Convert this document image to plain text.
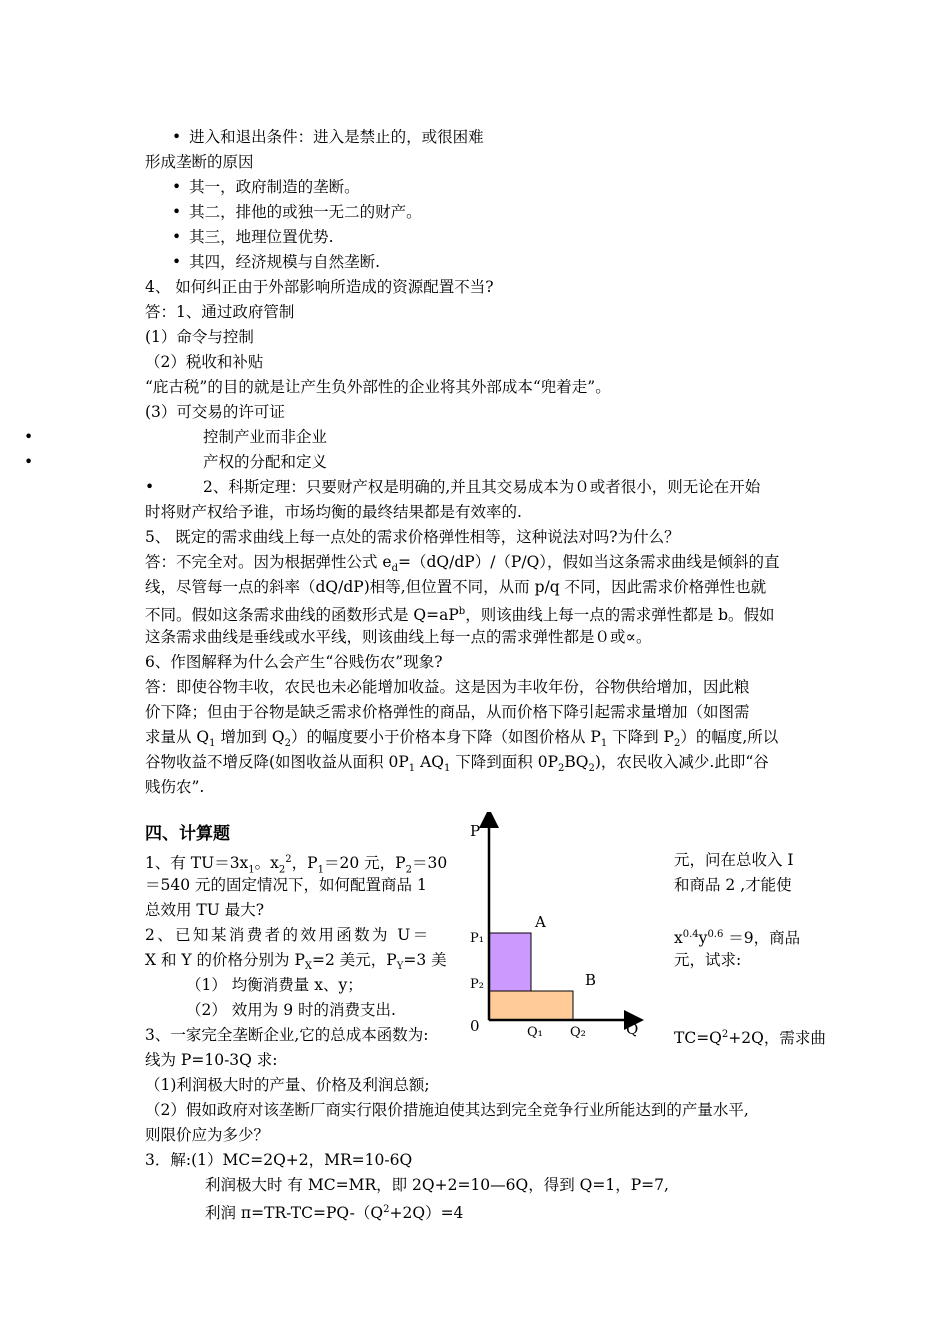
• 进入和退出条件：进入是禁止的，或很困难
形成垄断的原因
• 其一，政府制造的垄断。
• 其二，排他的或独一无二的财产。
• 其三，地理位置优势.
• 其四，经济规模与自然垄断.
4、 如何纠正由于外部影响所造成的资源配置不当?
答：1、通过政府管制
(1）命令与控制
（2）税收和补贴
“庇古税”的目的就是让产生负外部性的企业将其外部成本“兜着走”。
(3）可交易的许可证
•	控制产业而非企业
•	产权的分配和定义
•	2、科斯定理：只要财产权是明确的,并且其交易成本为０或者很小，则无论在开始
时将财产权给予谁，市场均衡的最终结果都是有效率的.
5、 既定的需求曲线上每一点处的需求价格弹性相等，这种说法对吗?为什么？
答：不完全对。因为根据弹性公式 $e_d=(dQ/dP)/(P/Q)$，假如当这条需求曲线是倾斜的直
线，尽管每一点的斜率（dQ/dP)相等,但位置不同，从而 p/q 不同，因此需求价格弹性也就
不同。假如这条需求曲线的函数形式是 $Q=aP^b$，则该曲线上每一点的需求弹性都是 b。假如
这条需求曲线是垂线或水平线，则该曲线上每一点的需求弹性都是０或∝。
6、作图解释为什么会产生“谷贱伤农”现象?
答：即使谷物丰收，农民也未必能增加收益。这是因为丰收年份，谷物供给增加，因此粮
价下降；但由于谷物是缺乏需求价格弹性的商品，从而价格下降引起需求量增加（如图需
求量从 $Q_1$ 增加到 $Q_2$）的幅度要小于价格本身下降（如图价格从 $P_1$ 下降到 $P_2$）的幅度,所以
谷物收益不增反降(如图收益从面积 $0P_1$ $AQ_1$ 下降到面积 $0P_2BQ_2$)，农民收入减少.此即“谷
贱伤农”.
四、计算题
1、有 $TU=3x_1$。$x_2^2$，$P_1=20$ 元，$P_2=30$
＝540 元的固定情况下，如何配置商品 1
总效用 TU 最大?
2、已知某消费者的效用函数为 U＝
X 和 Y 的价格分别为 $P_X=2$ 美元，$P_Y=3$ 美
（1） 均衡消费量 x、y；
（2） 效用为 9 时的消费支出.
3、一家完全垄断企业,它的总成本函数为:
线为 P=10-3Q 求:
（1)利润极大时的产量、价格及利润总额;
（2）假如政府对该垄断厂商实行限价措施迫使其达到完全竞争行业所能达到的产量水平,
则限价应为多少？
3．解:(1）MC=2Q+2，MR=10-6Q
利润极大时 有 MC=MR，即 2Q+2=10—6Q，得到 Q=1，P=7,
利润 $\pi=TR-TC=PQ-(Q^2+2Q)=4$
元，问在总收入 I
和商品 2 ,才能使
$x^{0.4}y^{0.6} =9$，商品
元，试求:
$TC=Q^2+2Q$，需求曲
P
Q
0
A
B
P₁
P₂
Q₁ Q₂
